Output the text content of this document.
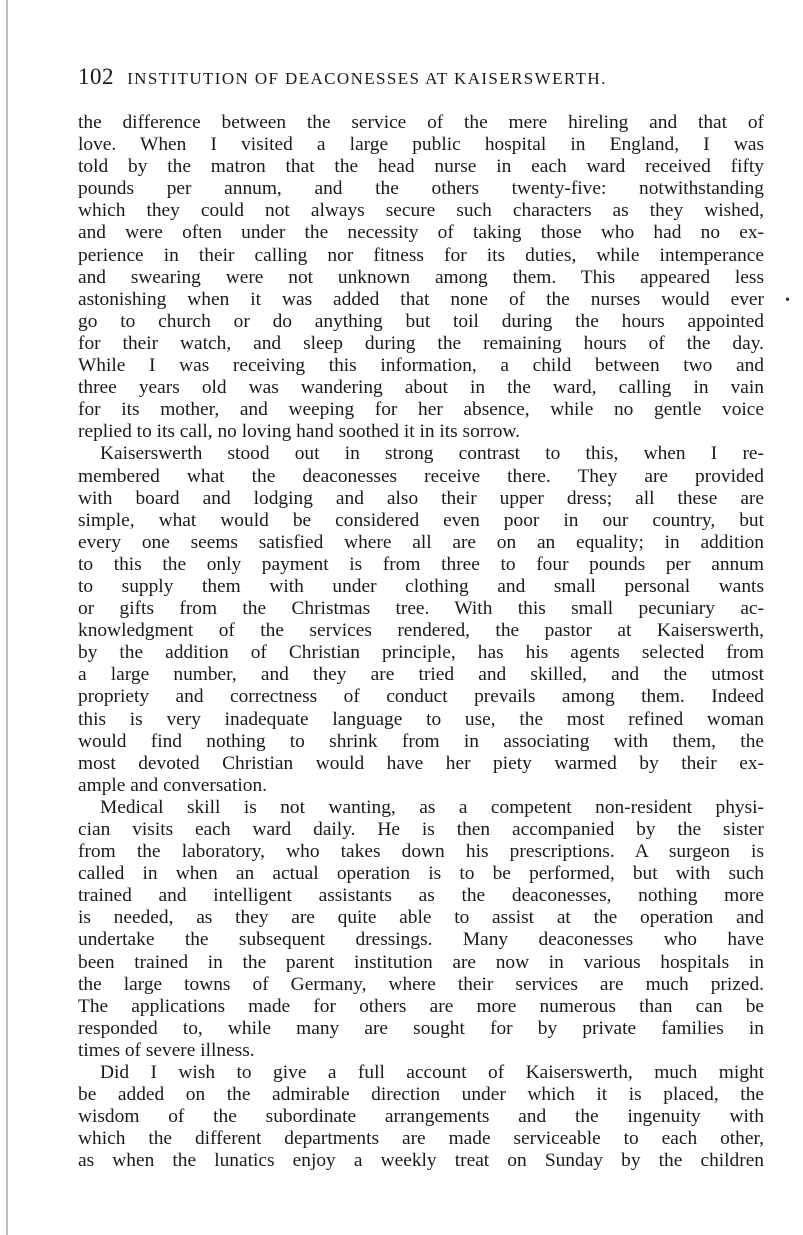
102 INSTITUTION OF DEACONESSES AT KAISERSWERTH.
•
the difference between the service of the mere hireling and that of
love. When I visited a large public hospital in England, I was
told by the matron that the head nurse in each ward received fifty
pounds per annum, and the others twenty-five: notwithstanding
which they could not always secure such characters as they wished,
and were often under the necessity of taking those who had no ex-
perience in their calling nor fitness for its duties, while intemperance
and swearing were not unknown among them. This appeared less
astonishing when it was added that none of the nurses would ever
go to church or do anything but toil during the hours appointed
for their watch, and sleep during the remaining hours of the day.
While I was receiving this information, a child between two and
three years old was wandering about in the ward, calling in vain
for its mother, and weeping for her absence, while no gentle voice
replied to its call, no loving hand soothed it in its sorrow.
Kaiserswerth stood out in strong contrast to this, when I re-
membered what the deaconesses receive there. They are provided
with board and lodging and also their upper dress; all these are
simple, what would be considered even poor in our country, but
every one seems satisfied where all are on an equality; in addition
to this the only payment is from three to four pounds per annum
to supply them with under clothing and small personal wants
or gifts from the Christmas tree. With this small pecuniary ac-
knowledgment of the services rendered, the pastor at Kaiserswerth,
by the addition of Christian principle, has his agents selected from
a large number, and they are tried and skilled, and the utmost
propriety and correctness of conduct prevails among them. Indeed
this is very inadequate language to use, the most refined woman
would find nothing to shrink from in associating with them, the
most devoted Christian would have her piety warmed by their ex-
ample and conversation.
Medical skill is not wanting, as a competent non-resident physi-
cian visits each ward daily. He is then accompanied by the sister
from the laboratory, who takes down his prescriptions. A surgeon is
called in when an actual operation is to be performed, but with such
trained and intelligent assistants as the deaconesses, nothing more
is needed, as they are quite able to assist at the operation and
undertake the subsequent dressings. Many deaconesses who have
been trained in the parent institution are now in various hospitals in
the large towns of Germany, where their services are much prized.
The applications made for others are more numerous than can be
responded to, while many are sought for by private families in
times of severe illness.
Did I wish to give a full account of Kaiserswerth, much might
be added on the admirable direction under which it is placed, the
wisdom of the subordinate arrangements and the ingenuity with
which the different departments are made serviceable to each other,
as when the lunatics enjoy a weekly treat on Sunday by the children
